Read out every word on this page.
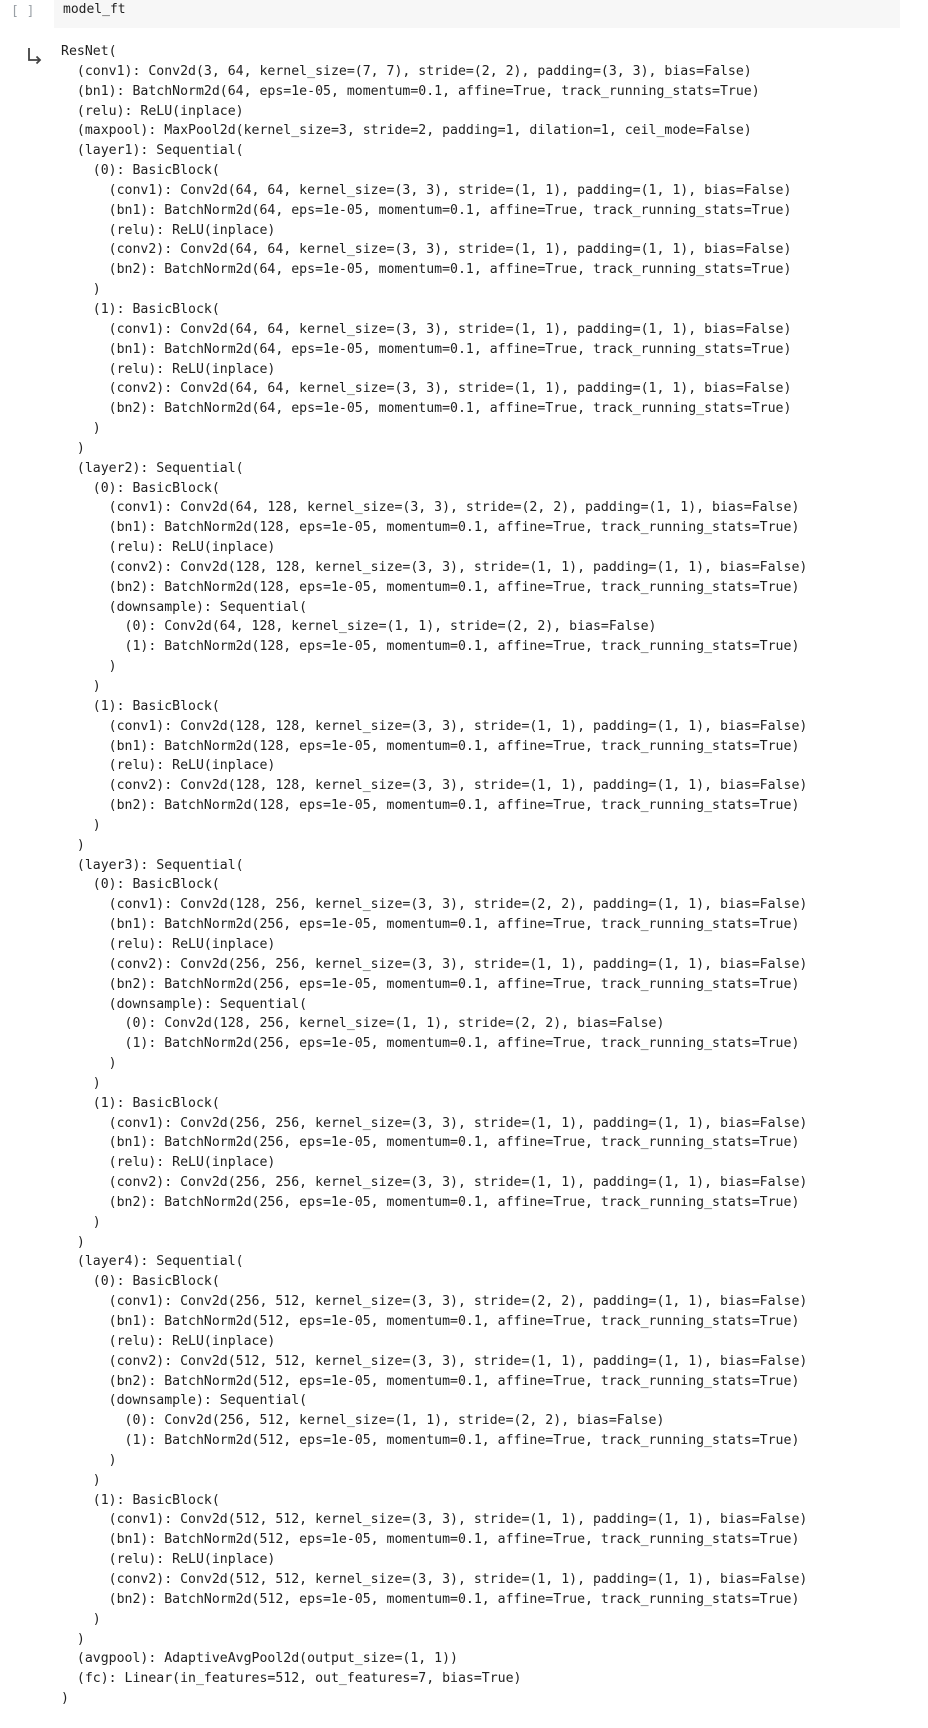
[ ] model_ft
ResNet(
(conv1): Conv2d(3, 64, kernel_size=(7, 7), stride=(2, 2), padding=(3, 3), bias=False)
(bn1): BatchNorm2d(64, eps=1e-05, momentum=0.1, affine=True, track_running_stats=True)
(relu): ReLU(inplace)
(maxpool): MaxPool2d(kernel_size=3, stride=2, padding=1, dilation=1, ceil_mode=False)
(layer1): Sequential(
(0): BasicBlock(
(conv1): Conv2d(64, 64, kernel_size=(3, 3), stride=(1, 1), padding=(1, 1), bias=False)
(bn1): BatchNorm2d(64, eps=1e-05, momentum=0.1, affine=True, track_running_stats=True)
(relu): ReLU(inplace)
(conv2): Conv2d(64, 64, kernel_size=(3, 3), stride=(1, 1), padding=(1, 1), bias=False)
(bn2): BatchNorm2d(64, eps=1e-05, momentum=0.1, affine=True, track_running_stats=True)
)
(1): BasicBlock(
(conv1): Conv2d(64, 64, kernel_size=(3, 3), stride=(1, 1), padding=(1, 1), bias=False)
(bn1): BatchNorm2d(64, eps=1e-05, momentum=0.1, affine=True, track_running_stats=True)
(relu): ReLU(inplace)
(conv2): Conv2d(64, 64, kernel_size=(3, 3), stride=(1, 1), padding=(1, 1), bias=False)
(bn2): BatchNorm2d(64, eps=1e-05, momentum=0.1, affine=True, track_running_stats=True)
)
)
(layer2): Sequential(
(0): BasicBlock(
(conv1): Conv2d(64, 128, kernel_size=(3, 3), stride=(2, 2), padding=(1, 1), bias=False)
(bn1): BatchNorm2d(128, eps=1e-05, momentum=0.1, affine=True, track_running_stats=True)
(relu): ReLU(inplace)
(conv2): Conv2d(128, 128, kernel_size=(3, 3), stride=(1, 1), padding=(1, 1), bias=False)
(bn2): BatchNorm2d(128, eps=1e-05, momentum=0.1, affine=True, track_running_stats=True)
(downsample): Sequential(
(0): Conv2d(64, 128, kernel_size=(1, 1), stride=(2, 2), bias=False)
(1): BatchNorm2d(128, eps=1e-05, momentum=0.1, affine=True, track_running_stats=True)
)
)
(1): BasicBlock(
(conv1): Conv2d(128, 128, kernel_size=(3, 3), stride=(1, 1), padding=(1, 1), bias=False)
(bn1): BatchNorm2d(128, eps=1e-05, momentum=0.1, affine=True, track_running_stats=True)
(relu): ReLU(inplace)
(conv2): Conv2d(128, 128, kernel_size=(3, 3), stride=(1, 1), padding=(1, 1), bias=False)
(bn2): BatchNorm2d(128, eps=1e-05, momentum=0.1, affine=True, track_running_stats=True)
)
)
(layer3): Sequential(
(0): BasicBlock(
(conv1): Conv2d(128, 256, kernel_size=(3, 3), stride=(2, 2), padding=(1, 1), bias=False)
(bn1): BatchNorm2d(256, eps=1e-05, momentum=0.1, affine=True, track_running_stats=True)
(relu): ReLU(inplace)
(conv2): Conv2d(256, 256, kernel_size=(3, 3), stride=(1, 1), padding=(1, 1), bias=False)
(bn2): BatchNorm2d(256, eps=1e-05, momentum=0.1, affine=True, track_running_stats=True)
(downsample): Sequential(
(0): Conv2d(128, 256, kernel_size=(1, 1), stride=(2, 2), bias=False)
(1): BatchNorm2d(256, eps=1e-05, momentum=0.1, affine=True, track_running_stats=True)
)
)
(1): BasicBlock(
(conv1): Conv2d(256, 256, kernel_size=(3, 3), stride=(1, 1), padding=(1, 1), bias=False)
(bn1): BatchNorm2d(256, eps=1e-05, momentum=0.1, affine=True, track_running_stats=True)
(relu): ReLU(inplace)
(conv2): Conv2d(256, 256, kernel_size=(3, 3), stride=(1, 1), padding=(1, 1), bias=False)
(bn2): BatchNorm2d(256, eps=1e-05, momentum=0.1, affine=True, track_running_stats=True)
)
)
(layer4): Sequential(
(0): BasicBlock(
(conv1): Conv2d(256, 512, kernel_size=(3, 3), stride=(2, 2), padding=(1, 1), bias=False)
(bn1): BatchNorm2d(512, eps=1e-05, momentum=0.1, affine=True, track_running_stats=True)
(relu): ReLU(inplace)
(conv2): Conv2d(512, 512, kernel_size=(3, 3), stride=(1, 1), padding=(1, 1), bias=False)
(bn2): BatchNorm2d(512, eps=1e-05, momentum=0.1, affine=True, track_running_stats=True)
(downsample): Sequential(
(0): Conv2d(256, 512, kernel_size=(1, 1), stride=(2, 2), bias=False)
(1): BatchNorm2d(512, eps=1e-05, momentum=0.1, affine=True, track_running_stats=True)
)
)
(1): BasicBlock(
(conv1): Conv2d(512, 512, kernel_size=(3, 3), stride=(1, 1), padding=(1, 1), bias=False)
(bn1): BatchNorm2d(512, eps=1e-05, momentum=0.1, affine=True, track_running_stats=True)
(relu): ReLU(inplace)
(conv2): Conv2d(512, 512, kernel_size=(3, 3), stride=(1, 1), padding=(1, 1), bias=False)
(bn2): BatchNorm2d(512, eps=1e-05, momentum=0.1, affine=True, track_running_stats=True)
)
)
(avgpool): AdaptiveAvgPool2d(output_size=(1, 1))
(fc): Linear(in_features=512, out_features=7, bias=True)
)
